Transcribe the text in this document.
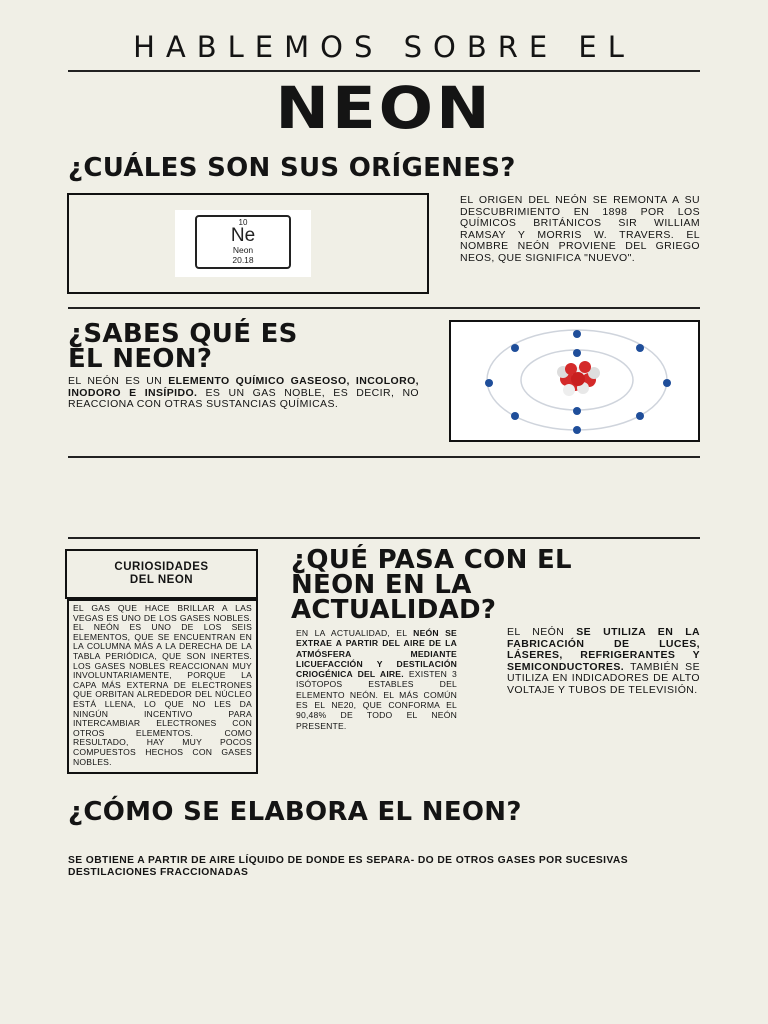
HABLEMOS SOBRE EL
NEON
¿CUÁLES SON SUS ORÍGENES?
10
Ne
Neon
20.18
EL ORIGEN DEL NEÓN SE REMONTA A SU DESCUBRIMIENTO EN 1898 POR LOS QUÍMICOS BRITÁNICOS SIR WILLIAM RAMSAY Y MORRIS W. TRAVERS. EL NOMBRE NEÓN PROVIENE DEL GRIEGO NEOS, QUE SIGNIFICA "NUEVO".
¿SABES QUÉ ES
EL NEON?
EL NEÓN ES UN ELEMENTO QUÍMICO GASEOSO, INCOLORO, INODORO E INSÍPIDO. ES UN GAS NOBLE, ES DECIR, NO REACCIONA CON OTRAS SUSTANCIAS QUÍMICAS.
CURIOSIDADES
DEL NEON
EL GAS QUE HACE BRILLAR A LAS VEGAS ES UNO DE LOS GASES NOBLES. EL NEÓN ES UNO DE LOS SEIS ELEMENTOS, QUE SE ENCUENTRAN EN LA COLUMNA MÁS A LA DERECHA DE LA TABLA PERIÓDICA, QUE SON INERTES. LOS GASES NOBLES REACCIONAN MUY INVOLUNTARIAMENTE, PORQUE LA CAPA MÁS EXTERNA DE ELECTRONES QUE ORBITAN ALREDEDOR DEL NÚCLEO ESTÁ LLENA, LO QUE NO LES DA NINGÚN INCENTIVO PARA INTERCAMBIAR ELECTRONES CON OTROS ELEMENTOS. COMO RESULTADO, HAY MUY POCOS COMPUESTOS HECHOS CON GASES NOBLES.
¿QUÉ PASA CON EL
NEON EN LA
ACTUALIDAD?
EN LA ACTUALIDAD, EL NEÓN SE EXTRAE A PARTIR DEL AIRE DE LA ATMÓSFERA MEDIANTE LICUEFACCIÓN Y DESTILACIÓN CRIOGÉNICA DEL AIRE. EXISTEN 3 ISÓTOPOS ESTABLES DEL ELEMENTO NEÓN. EL MÁS COMÚN ES EL NE20, QUE CONFORMA EL 90,48% DE TODO EL NEÓN PRESENTE.
EL NEÓN SE UTILIZA EN LA FABRICACIÓN DE LUCES, LÁSERES, REFRIGERANTES Y SEMICONDUCTORES. TAMBIÉN SE UTILIZA EN INDICADORES DE ALTO VOLTAJE Y TUBOS DE TELEVISIÓN.
¿CÓMO SE ELABORA EL NEON?
SE OBTIENE A PARTIR DE AIRE LÍQUIDO DE DONDE ES SEPARA- DO DE OTROS GASES POR SUCESIVAS DESTILACIONES FRACCIONADAS
